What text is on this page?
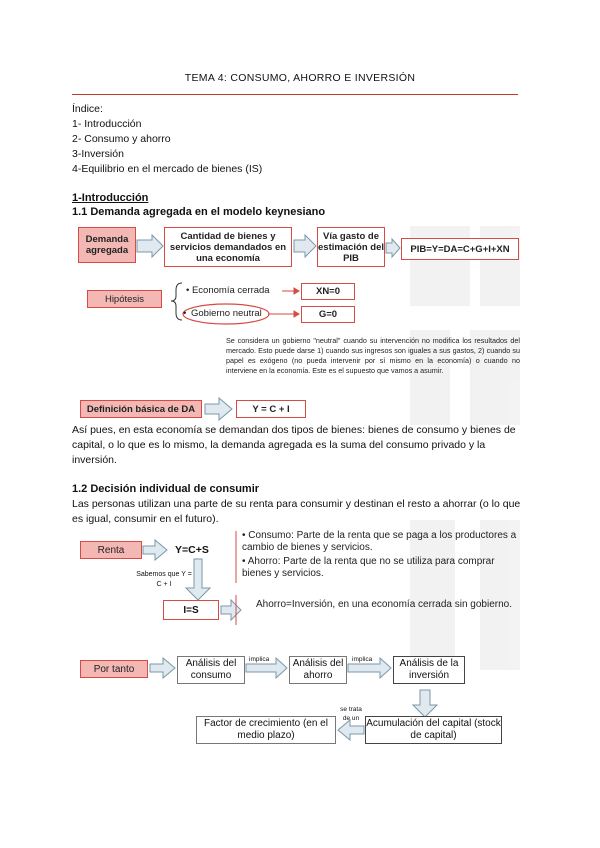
TEMA 4: CONSUMO, AHORRO E INVERSIÓN
Índice:
1- Introducción
2- Consumo y ahorro
3-Inversión
4-Equilibrio en el mercado de bienes (IS)
1-Introducción
1.1 Demanda agregada en el modelo keynesiano
Demanda agregada
Cantidad de bienes y servicios demandados en una economía
Vía gasto de estimación del PIB
PIB=Y=DA=C+G+I+XN
Hipótesis
• Economía cerrada	XN=0
• Gobierno neutral	G=0
Se considera un gobierno "neutral" cuando su intervención no modifica los resultados del mercado. Esto puede darse 1) cuando sus ingresos son iguales a sus gastos, 2) cuando su papel es exógeno (no pueda intervenir por sí mismo en la economía) o cuando no interviene en la economía. Este es el supuesto que vamos a asumir.
Definición básica de DA	Y = C + I
Así pues, en esta economía se demandan dos tipos de bienes: bienes de consumo y bienes de capital, o lo que es lo mismo, la demanda agregada es la suma del consumo privado y la inversión.
1.2 Decisión individual de consumir
Las personas utilizan una parte de su renta para consumir y destinan el resto a ahorrar (o lo que es igual, consumir en el futuro).
Renta	Y=C+S
• Consumo: Parte de la renta que se paga a los productores a cambio de bienes y servicios.
• Ahorro: Parte de la renta que no se utiliza para comprar bienes y servicios.
Sabemos que Y = C + I
I=S	Ahorro=Inversión, en una economía cerrada sin gobierno.
Por tanto	Análisis del consumo
implica	Análisis del ahorro
implica	Análisis de la inversión
Factor de crecimiento (en el medio plazo)
se trata de un Acumulación del capital (stock de capital)
